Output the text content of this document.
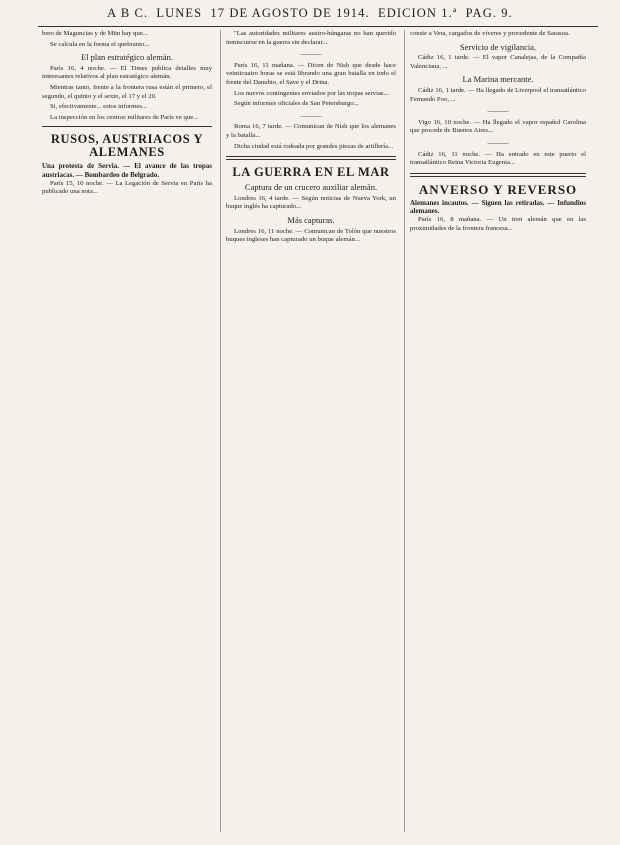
A B C. LUNES 17 DE AGOSTO DE 1914. EDICION 1.ª PAG. 9.

bero de Maguncias y de Mün hay que...

Se calcula en la forma el quebranto...

El plan estratégico alemán.

París 16, 4 noche. — El Times publica detalles muy interesantes relativos al plan estratégico alemán.

Mientras tanto, frente a la frontera rusa están el primero, el segundo, el quinto y el sexto, el 17 y el 20.

Si, efectivamente... estos informes...

La inspección en los centros militares de París ve que...

RUSOS, AUSTRIACOS Y ALEMANES
Una protesta de Servia. — El avance de las tropas austriacas. — Bombardeo de Belgrado.

París 15, 10 noche. — La Legación de Servia en París ha publicado una nota...

"Las autoridades militares austro-húngaras no han querido inmiscuirse en la guerra sin declarar...

———

París 16, 11 mañana. — Dicen de Nish que desde hace veinticuatro horas se está librando una gran batalla en todo el frente del Danubio, el Save y el Drina.

Los nuevos contingentes enviados por las tropas servias...

Según informes oficiales de San Petersburgo...

———

Roma 16, 7 tarde. — Comunican de Nish que los alemanes y la batalla...

Dicha ciudad está rodeada por grandes piezas de artillería...

LA GUERRA EN EL MAR
Captura de un crucero auxiliar alemán.

Londres 16, 4 tarde. — Según noticias de Nueva York, un buque inglés ha capturado...

Más capturas.

Londres 16, 11 noche. — Comunican de Tolón que nuestros buques ingleses han capturado un buque alemán...

conste a Vera, cargados de víveres y procedente de Sarasoa.

Servicio de vigilancia.

Cádiz 16, 1 tarde. — El vapor Canalejas, de la Compañía Valenciana, ...

La Marina mercante.

Cádiz 16, 1 tarde. — Ha llegado de Liverpool el transatlántico Fernando Poo, ...

———

Vigo 16, 10 noche. — Ha llegado el vapor español Carolina que procede de Buenos Aires...

———

Cádiz 16, 11 noche. — Ha entrado en este puerto el transatlántico Reina Victoria Eugenia...

ANVERSO Y REVERSO
Alemanes incautos. — Siguen las retiradas. — Infundios alemanes.

París 16, 8 mañana. — Un tren alemán que en las proximidades de la frontera francesa...
